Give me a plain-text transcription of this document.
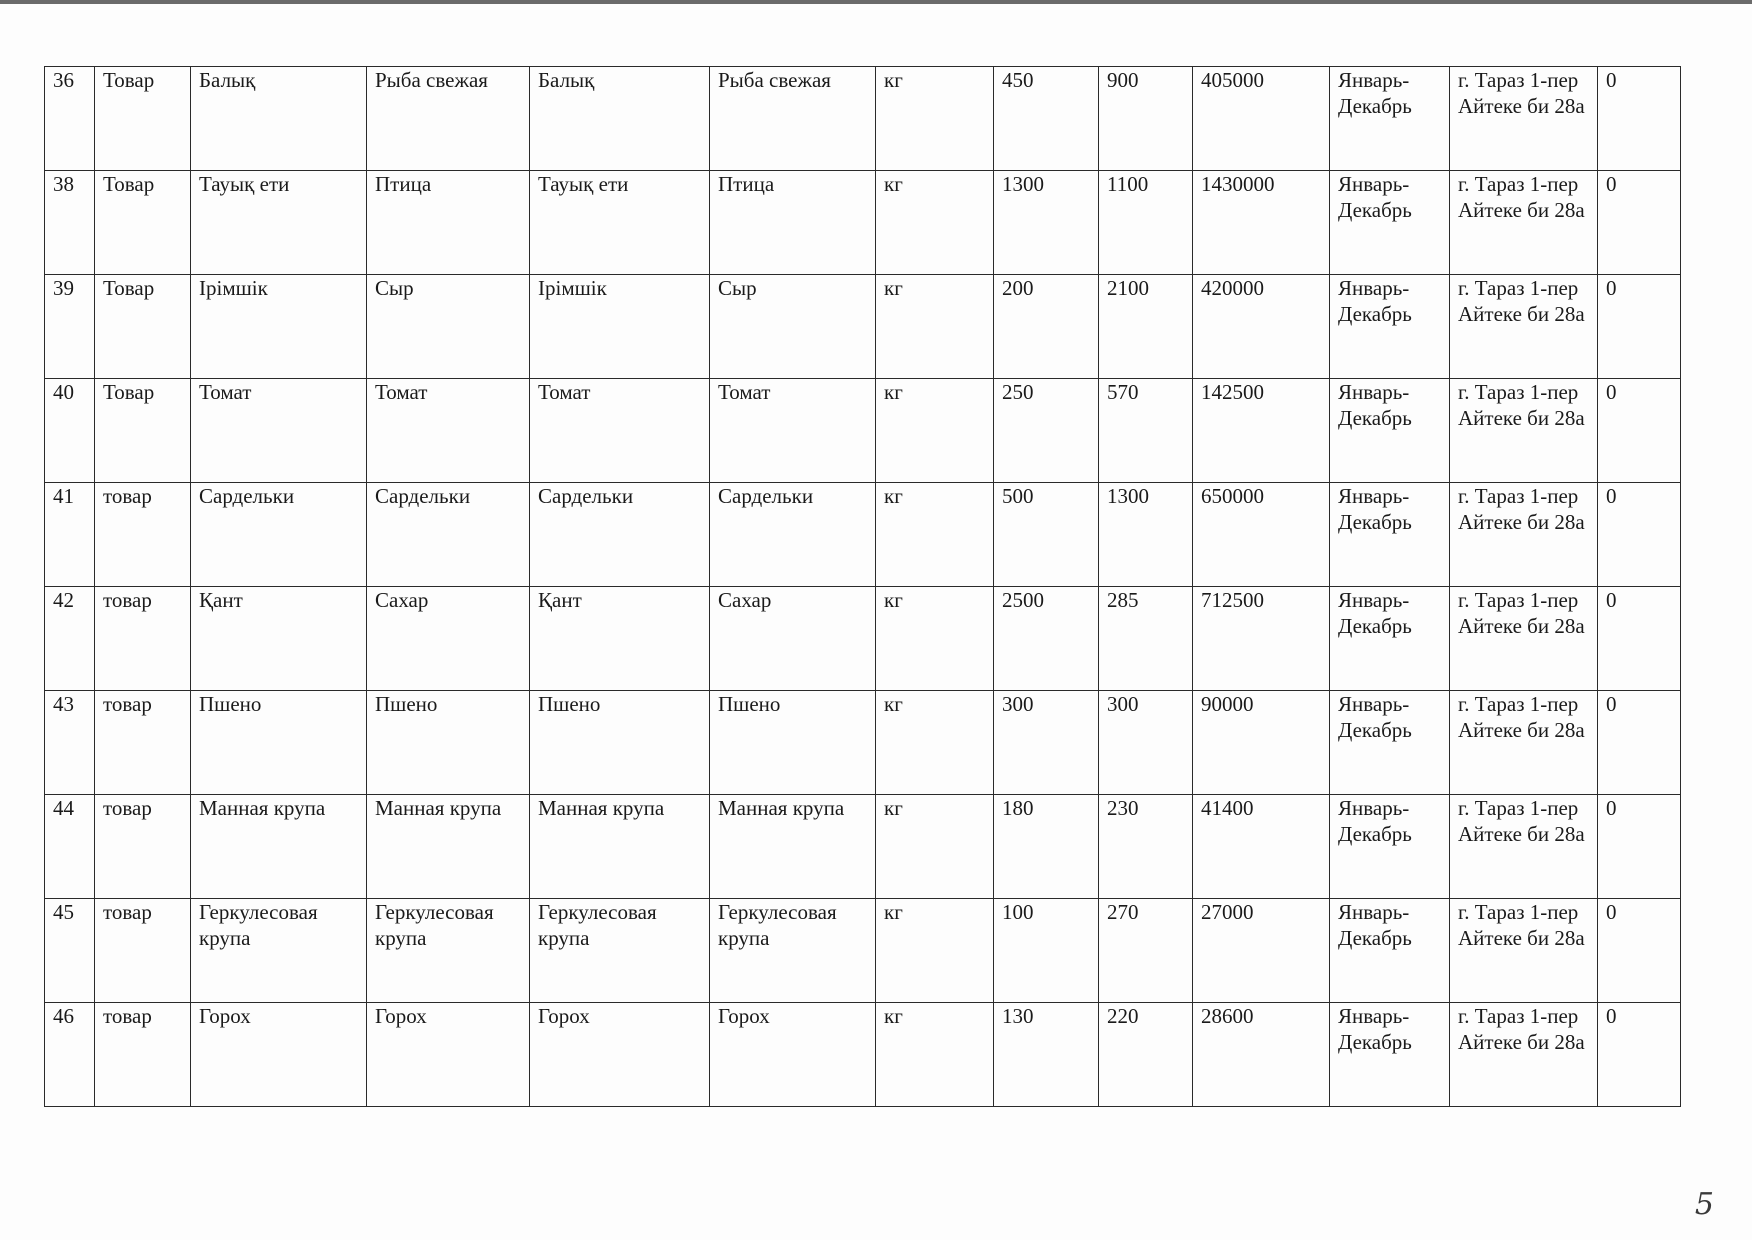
36	Товар	Балық	Рыба свежая	Балық	Рыба свежая	кг	450	900	405000	Январь-Декабрь	г. Тараз 1-пер Айтеке би 28а	0
38	Товар	Тауық ети	Птица	Тауық ети	Птица	кг	1300	1100	1430000	Январь-Декабрь	г. Тараз 1-пер Айтеке би 28а	0
39	Товар	Ірімшік	Сыр	Ірімшік	Сыр	кг	200	2100	420000	Январь-Декабрь	г. Тараз 1-пер Айтеке би 28а	0
40	Товар	Томат	Томат	Томат	Томат	кг	250	570	142500	Январь-Декабрь	г. Тараз 1-пер Айтеке би 28а	0
41	товар	Сардельки	Сардельки	Сардельки	Сардельки	кг	500	1300	650000	Январь-Декабрь	г. Тараз 1-пер Айтеке би 28а	0
42	товар	Қант	Сахар	Қант	Сахар	кг	2500	285	712500	Январь-Декабрь	г. Тараз 1-пер Айтеке би 28а	0
43	товар	Пшено	Пшено	Пшено	Пшено	кг	300	300	90000	Январь-Декабрь	г. Тараз 1-пер Айтеке би 28а	0
44	товар	Манная крупа	Манная крупа	Манная крупа	Манная крупа	кг	180	230	41400	Январь-Декабрь	г. Тараз 1-пер Айтеке би 28а	0
45	товар	Геркулесовая крупа	Геркулесовая крупа	Геркулесовая крупа	Геркулесовая крупа	кг	100	270	27000	Январь-Декабрь	г. Тараз 1-пер Айтеке би 28а	0
46	товар	Горох	Горох	Горох	Горох	кг	130	220	28600	Январь-Декабрь	г. Тараз 1-пер Айтеке би 28а	0
5
